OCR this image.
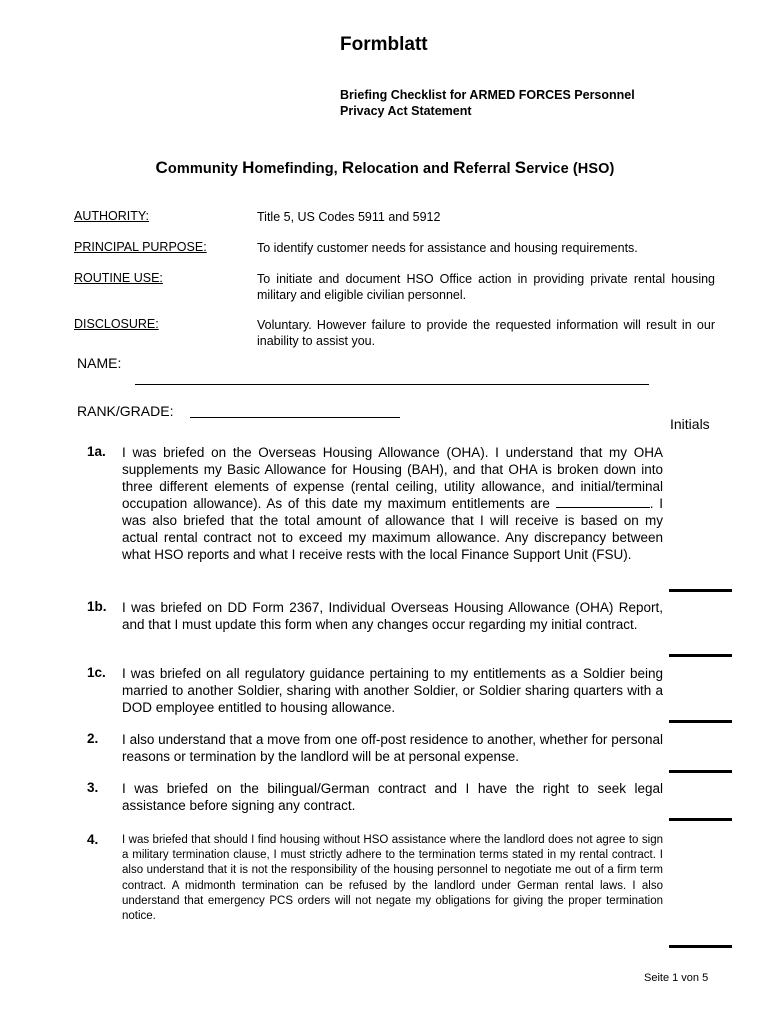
Formblatt
Briefing Checklist for ARMED FORCES Personnel
Privacy Act Statement
Community Homefinding, Relocation and Referral Service (HSO)
AUTHORITY:	Title 5, US Codes 5911 and 5912
PRINCIPAL PURPOSE:	To identify customer needs for assistance and housing requirements.
ROUTINE USE:	To initiate and document HSO Office action in providing private rental housing military and eligible civilian personnel.
DISCLOSURE:	Voluntary. However failure to provide the requested information will result in our inability to assist you.
NAME:
RANK/GRADE:
Initials
1a. I was briefed on the Overseas Housing Allowance (OHA). I understand that my OHA supplements my Basic Allowance for Housing (BAH), and that OHA is broken down into three different elements of expense (rental ceiling, utility allowance, and initial/terminal occupation allowance). As of this date my maximum entitlements are	. I was also briefed that the total amount of allowance that I will receive is based on my actual rental contract not to exceed my maximum allowance. Any discrepancy between what HSO reports and what I receive rests with the local Finance Support Unit (FSU).
1b. I was briefed on DD Form 2367, Individual Overseas Housing Allowance (OHA) Report, and that I must update this form when any changes occur regarding my initial contract.
1c. I was briefed on all regulatory guidance pertaining to my entitlements as a Soldier being married to another Soldier, sharing with another Soldier, or Soldier sharing quarters with a DOD employee entitled to housing allowance.
2. I also understand that a move from one off-post residence to another, whether for personal reasons or termination by the landlord will be at personal expense.
3. I was briefed on the bilingual/German contract and I have the right to seek legal assistance before signing any contract.
4. I was briefed that should I find housing without HSO assistance where the landlord does not agree to sign a military termination clause, I must strictly adhere to the termination terms stated in my rental contract. I also understand that it is not the responsibility of the housing personnel to negotiate me out of a firm term contract. A midmonth termination can be refused by the landlord under German rental laws. I also understand that emergency PCS orders will not negate my obligations for giving the proper termination notice.
Seite 1 von 5
